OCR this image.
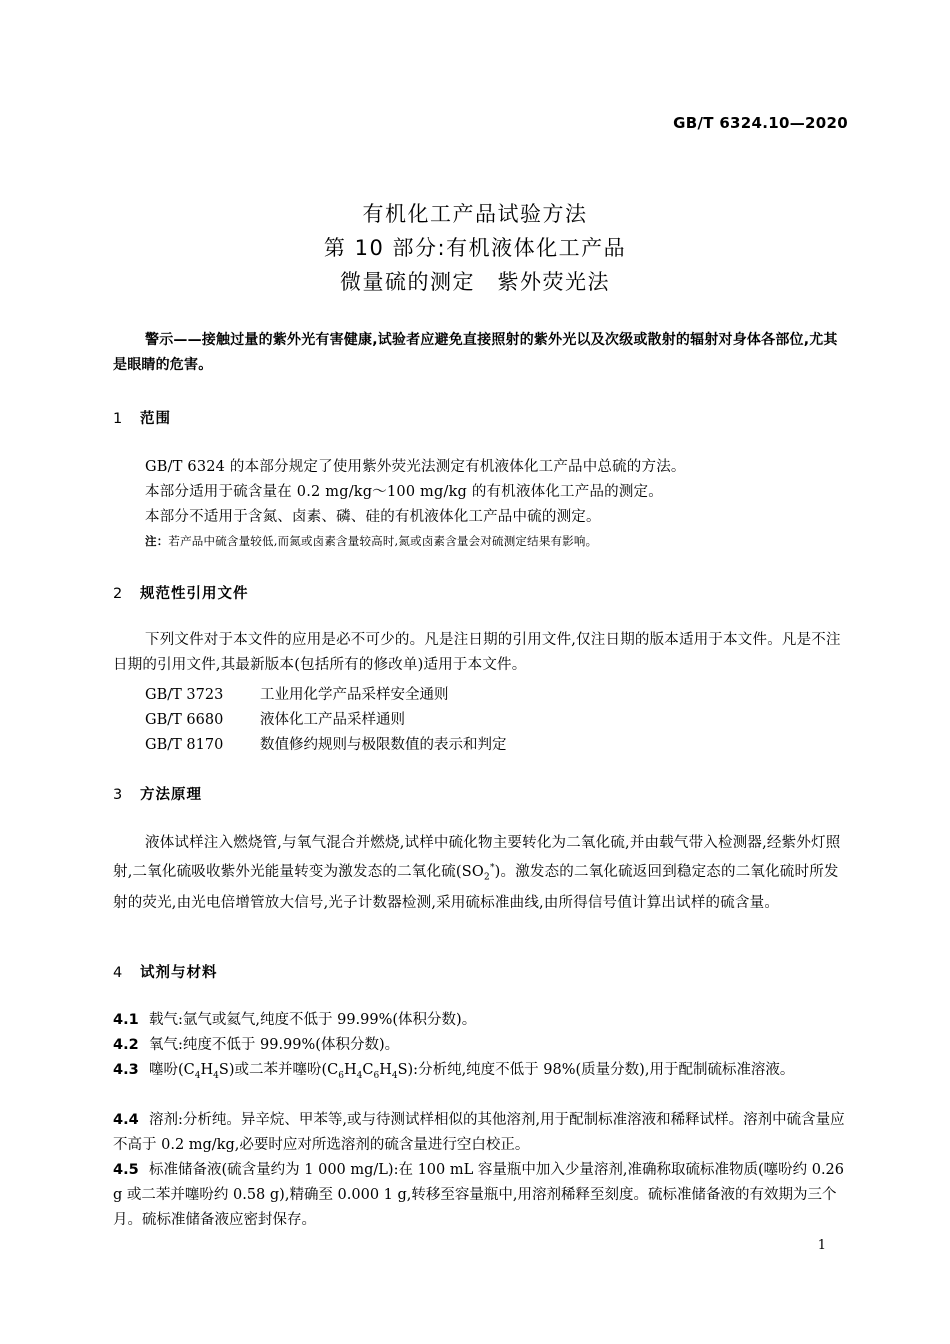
GB/T 6324.10—2020
有机化工产品试验方法
第 10 部分:有机液体化工产品
微量硫的测定　紫外荧光法

警示——接触过量的紫外光有害健康,试验者应避免直接照射的紫外光以及次级或散射的辐射对身体各部位,尤其是眼睛的危害。

1 范围

GB/T 6324 的本部分规定了使用紫外荧光法测定有机液体化工产品中总硫的方法。

本部分适用于硫含量在 0.2 mg/kg～100 mg/kg 的有机液体化工产品的测定。

本部分不适用于含氮、卤素、磷、硅的有机液体化工产品中硫的测定。

注：若产品中硫含量较低,而氮或卤素含量较高时,氮或卤素含量会对硫测定结果有影响。
2 规范性引用文件

下列文件对于本文件的应用是必不可少的。凡是注日期的引用文件,仅注日期的版本适用于本文件。凡是不注日期的引用文件,其最新版本(包括所有的修改单)适用于本文件。

GB/T 3723	工业用化学产品采样安全通则
GB/T 6680	液体化工产品采样通则
GB/T 8170	数值修约规则与极限数值的表示和判定
3 方法原理

液体试样注入燃烧管,与氧气混合并燃烧,试样中硫化物主要转化为二氧化硫,并由载气带入检测器,经紫外灯照射,二氧化硫吸收紫外光能量转变为激发态的二氧化硫$(SO_2^*)$。激发态的二氧化硫返回到稳定态的二氧化硫时所发射的荧光,由光电倍增管放大信号,光子计数器检测,采用硫标准曲线,由所得信号值计算出试样的硫含量。

4 试剂与材料

4.1 载气:氩气或氦气,纯度不低于 99.99%(体积分数)。

4.2 氧气:纯度不低于 99.99%(体积分数)。

4.3 噻吩$(C_4H_4S)$或二苯并噻吩$(C_6H_4C_6H_4S)$:分析纯,纯度不低于 98%(质量分数),用于配制硫标准溶液。

4.4 溶剂:分析纯。异辛烷、甲苯等,或与待测试样相似的其他溶剂,用于配制标准溶液和稀释试样。溶剂中硫含量应不高于 0.2 mg/kg,必要时应对所选溶剂的硫含量进行空白校正。

4.5 标准储备液(硫含量约为 1 000 mg/L):在 100 mL 容量瓶中加入少量溶剂,准确称取硫标准物质(噻吩约 0.26 g 或二苯并噻吩约 0.58 g),精确至 0.000 1 g,转移至容量瓶中,用溶剂稀释至刻度。硫标准储备液的有效期为三个月。硫标准储备液应密封保存。

1
